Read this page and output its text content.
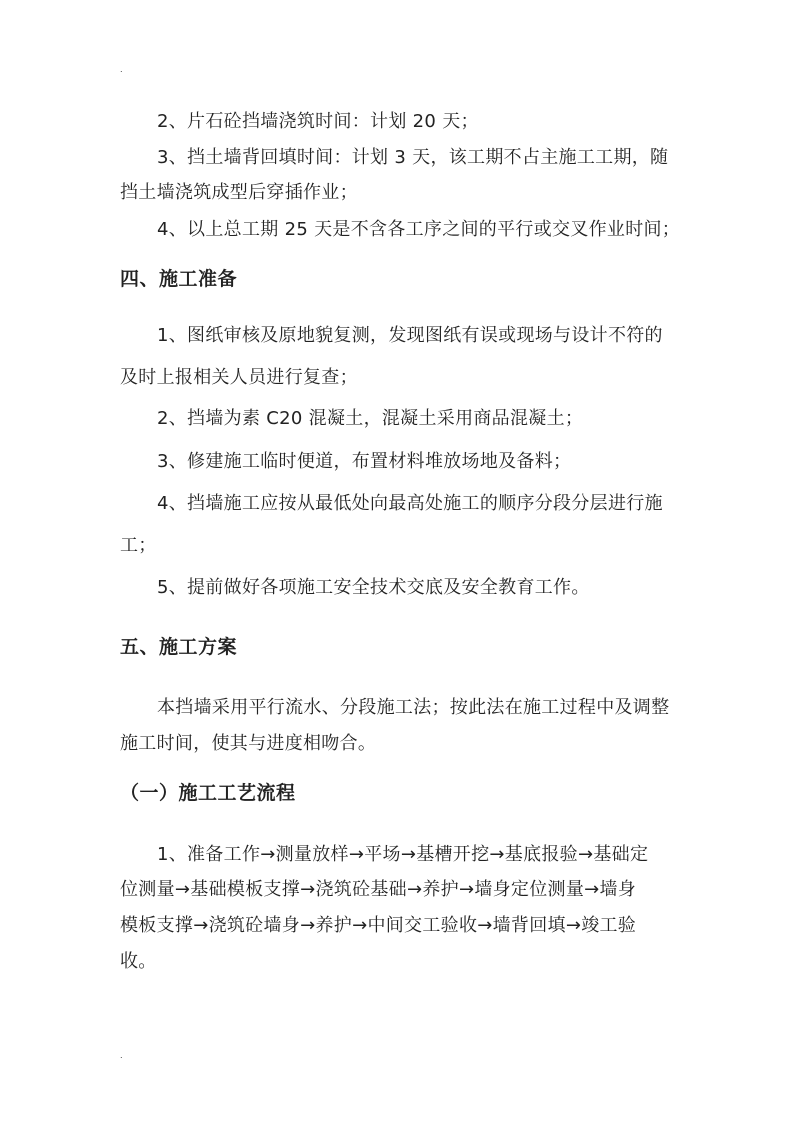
.
2、片石砼挡墙浇筑时间：计划 20 天；
3、挡土墙背回填时间：计划 3 天，该工期不占主施工工期，随
挡土墙浇筑成型后穿插作业；
4、以上总工期 25 天是不含各工序之间的平行或交叉作业时间；
四、施工准备
1、图纸审核及原地貌复测，发现图纸有误或现场与设计不符的
及时上报相关人员进行复查；
2、挡墙为素 C20 混凝土，混凝土采用商品混凝土；
3、修建施工临时便道，布置材料堆放场地及备料；
4、挡墙施工应按从最低处向最高处施工的顺序分段分层进行施
工；
5、提前做好各项施工安全技术交底及安全教育工作。
五、施工方案
本挡墙采用平行流水、分段施工法；按此法在施工过程中及调整
施工时间，使其与进度相吻合。
（一）施工工艺流程
1、准备工作→测量放样→平场→基槽开挖→基底报验→基础定
位测量→基础模板支撑→浇筑砼基础→养护→墙身定位测量→墙身
模板支撑→浇筑砼墙身→养护→中间交工验收→墙背回填→竣工验
收。
.
